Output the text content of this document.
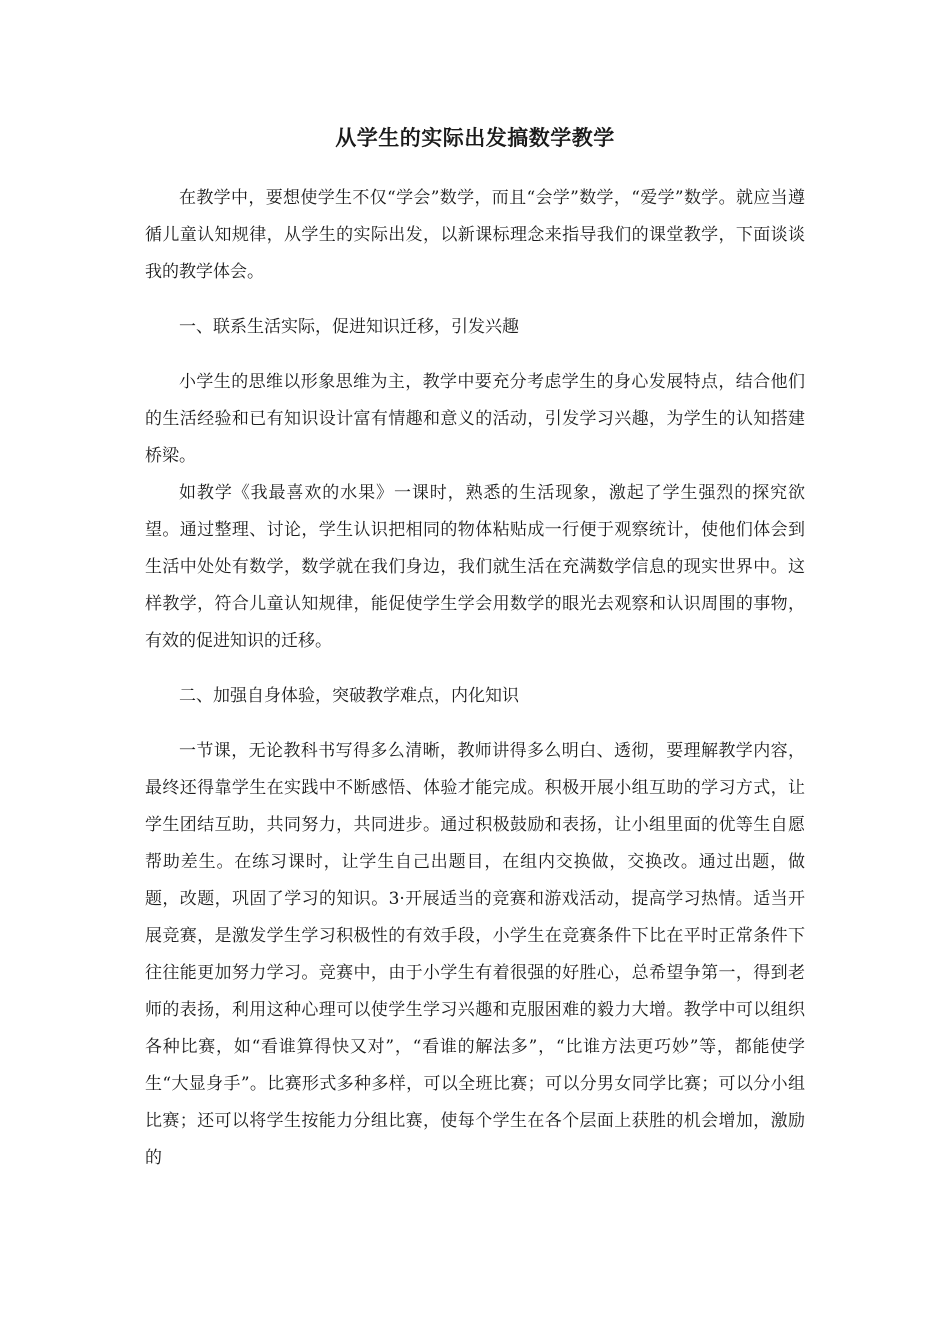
从学生的实际出发搞数学教学

在教学中，要想使学生不仅“学会”数学，而且“会学”数学，“爱学”数学。就应当遵循儿童认知规律，从学生的实际出发，以新课标理念来指导我们的课堂教学，下面谈谈我的教学体会。

一、联系生活实际，促进知识迁移，引发兴趣

小学生的思维以形象思维为主，教学中要充分考虑学生的身心发展特点，结合他们的生活经验和已有知识设计富有情趣和意义的活动，引发学习兴趣，为学生的认知搭建桥梁。

如教学《我最喜欢的水果》一课时，熟悉的生活现象，激起了学生强烈的探究欲望。通过整理、讨论，学生认识把相同的物体粘贴成一行便于观察统计，使他们体会到生活中处处有数学，数学就在我们身边，我们就生活在充满数学信息的现实世界中。这样教学，符合儿童认知规律，能促使学生学会用数学的眼光去观察和认识周围的事物，有效的促进知识的迁移。

二、加强自身体验，突破教学难点，内化知识

一节课，无论教科书写得多么清晰，教师讲得多么明白、透彻，要理解教学内容，最终还得靠学生在实践中不断感悟、体验才能完成。积极开展小组互助的学习方式，让学生团结互助，共同努力，共同进步。通过积极鼓励和表扬，让小组里面的优等生自愿帮助差生。在练习课时，让学生自己出题目，在组内交换做，交换改。通过出题，做题，改题，巩固了学习的知识。3·开展适当的竞赛和游戏活动，提高学习热情。适当开展竞赛，是激发学生学习积极性的有效手段，小学生在竞赛条件下比在平时正常条件下往往能更加努力学习。竞赛中，由于小学生有着很强的好胜心，总希望争第一，得到老师的表扬，利用这种心理可以使学生学习兴趣和克服困难的毅力大增。教学中可以组织各种比赛，如“看谁算得快又对”，“看谁的解法多”，“比谁方法更巧妙”等，都能使学生“大显身手”。比赛形式多种多样，可以全班比赛；可以分男女同学比赛；可以分小组比赛；还可以将学生按能力分组比赛，使每个学生在各个层面上获胜的机会增加，激励的
